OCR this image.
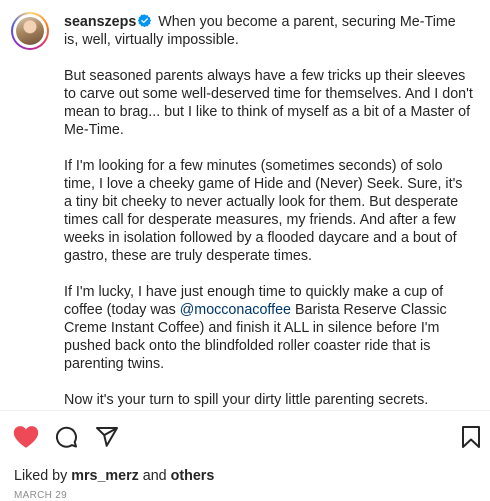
seanszeps When you become a parent, securing Me-Time is, well, virtually impossible.

But seasoned parents always have a few tricks up their sleeves to carve out some well-deserved time for themselves. And I don't mean to brag... but I like to think of myself as a bit of a Master of Me-Time.

If I'm looking for a few minutes (sometimes seconds) of solo time, I love a cheeky game of Hide and (Never) Seek. Sure, it's a tiny bit cheeky to never actually look for them. But desperate times call for desperate measures, my friends. And after a few weeks in isolation followed by a flooded daycare and a bout of gastro, these are truly desperate times.

If I'm lucky, I have just enough time to quickly make a cup of coffee (today was @mocconacoffee Barista Reserve Classic Creme Instant Coffee) and finish it ALL in silence before I'm pushed back onto the blindfolded roller coaster ride that is parenting twins.

Now it's your turn to spill your dirty little parenting secrets.

Liked by mrs_merz and others
MARCH 29
